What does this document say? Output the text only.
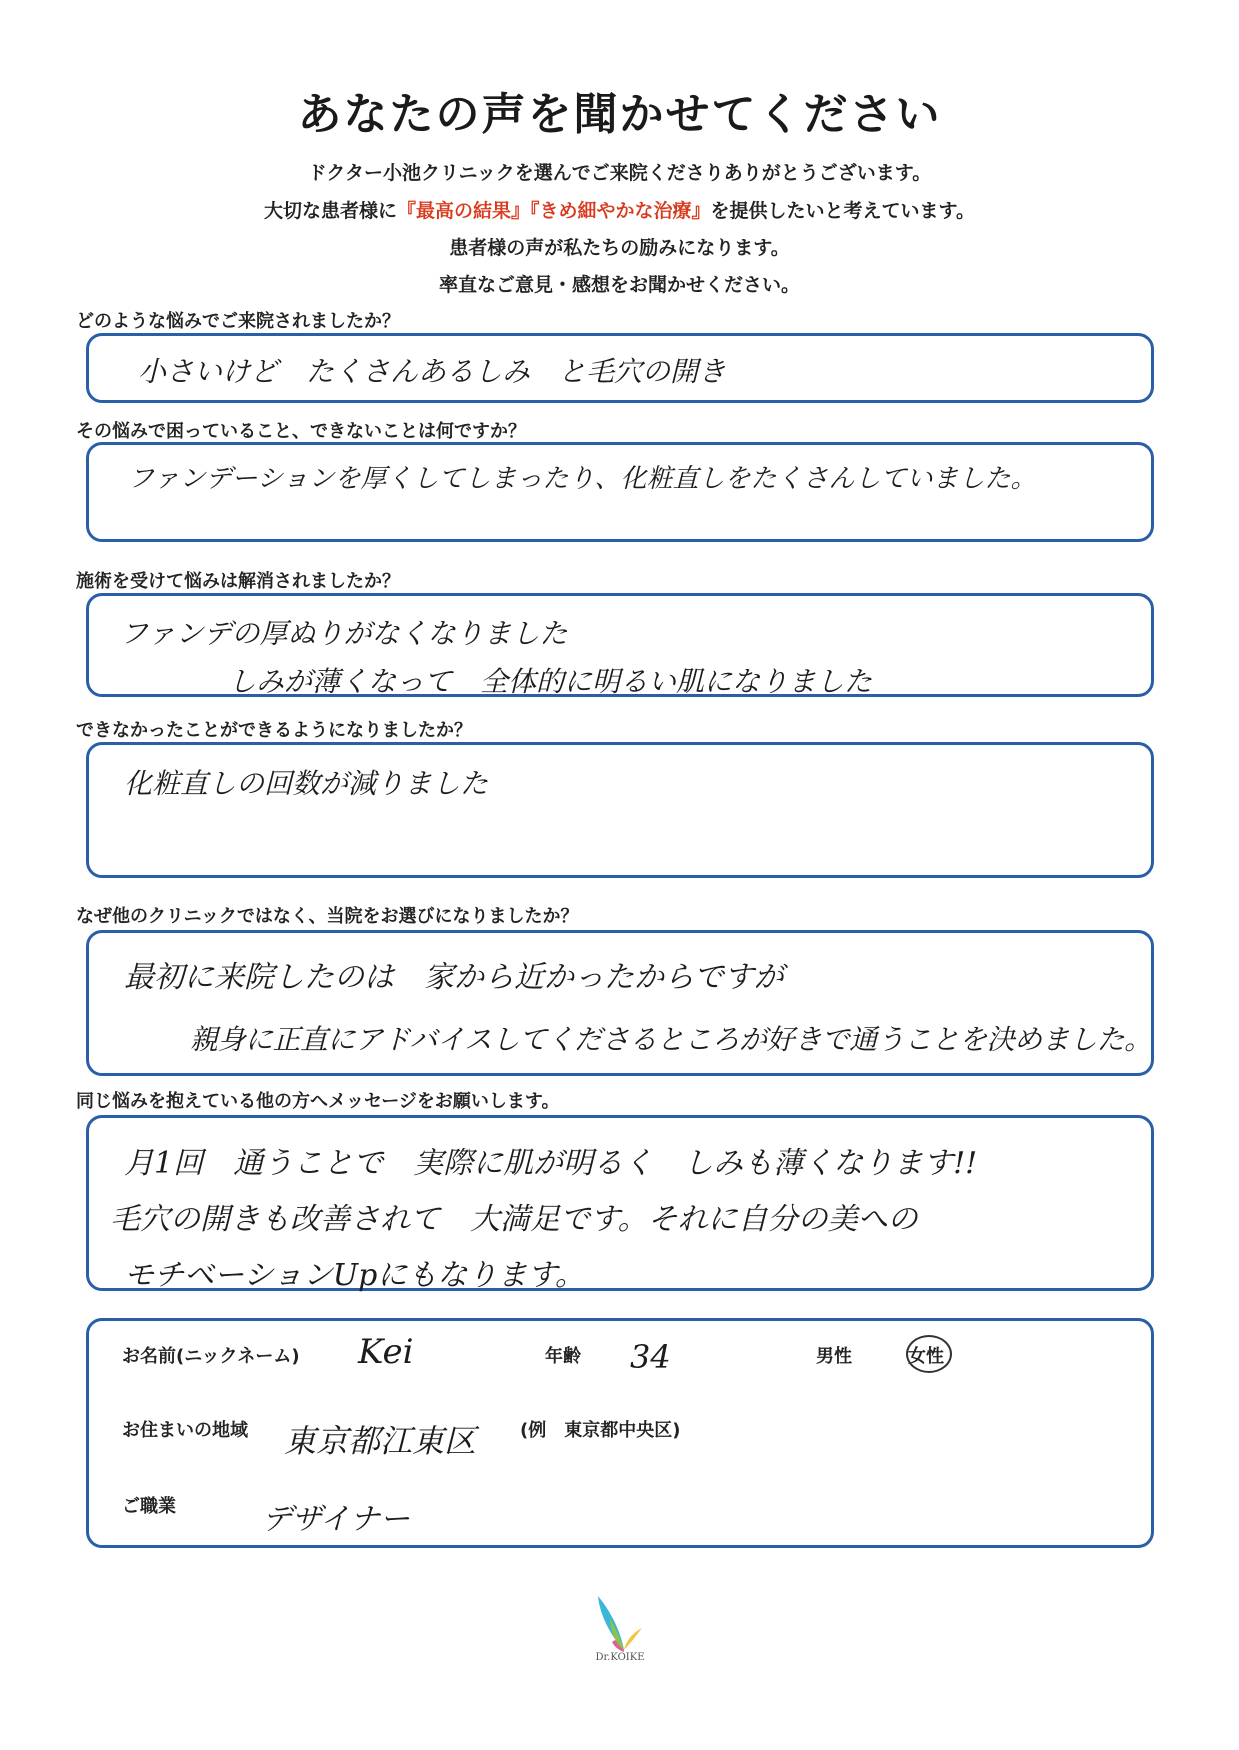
あなたの声を聞かせてください
ドクター小池クリニックを選んでご来院くださりありがとうございます。
大切な患者様に『最高の結果』『きめ細やかな治療』を提供したいと考えています。
患者様の声が私たちの励みになります。
率直なご意見・感想をお聞かせください。
どのような悩みでご来院されましたか？
小さいけど　たくさんあるしみ　と毛穴の開き
その悩みで困っていること、できないことは何ですか？
ファンデーションを厚くしてしまったり、化粧直しをたくさんしていました。
施術を受けて悩みは解消されましたか？
ファンデの厚ぬりがなくなりました
しみが薄くなって　全体的に明るい肌になりました
できなかったことができるようになりましたか？
化粧直しの回数が減りました
なぜ他のクリニックではなく、当院をお選びになりましたか？
最初に来院したのは　家から近かったからですが
親身に正直にアドバイスしてくださるところが好きで通うことを決めました。
同じ悩みを抱えている他の方へメッセージをお願いします。
月1回　通うことで　実際に肌が明るく　しみも薄くなります!!
毛穴の開きも改善されて　大満足です。それに自分の美への
モチベーションUpにもなります。
お名前(ニックネーム) Kei	年齢 34	男性	女性
お住まいの地域 東京都江東区 (例　東京都中央区)
ご職業	デザイナー
Dr.KOIKE
